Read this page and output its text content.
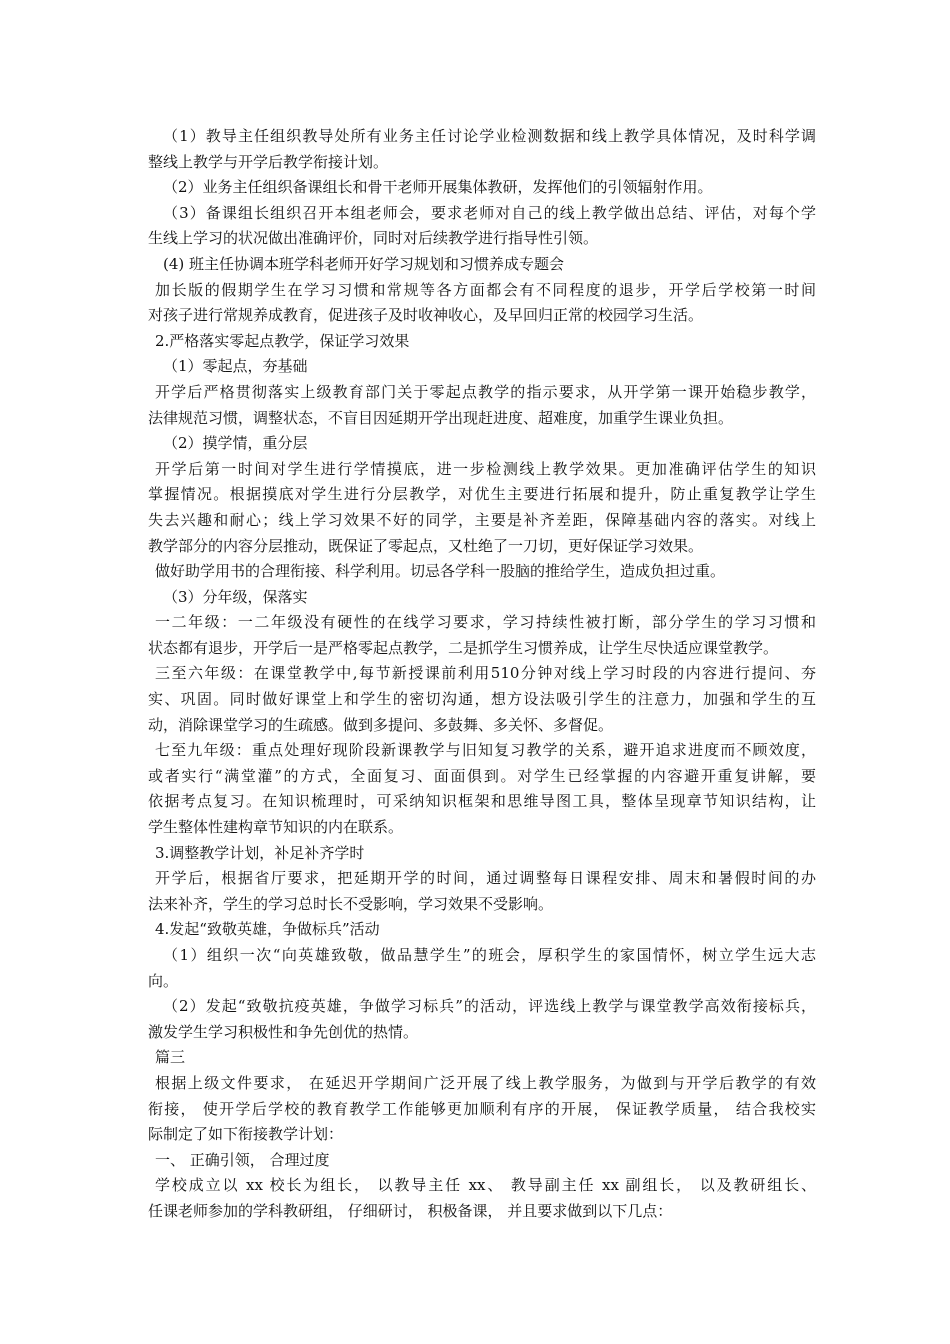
（1）教导主任组织教导处所有业务主任讨论学业检测数据和线上教学具体情况，及时科学调
整线上教学与开学后教学衔接计划。
（2）业务主任组织备课组长和骨干老师开展集体教研，发挥他们的引领辐射作用。
（3）备课组长组织召开本组老师会，要求老师对自己的线上教学做出总结、评估，对每个学
生线上学习的状况做出准确评价，同时对后续教学进行指导性引领。
(4) 班主任协调本班学科老师开好学习规划和习惯养成专题会
加长版的假期学生在学习习惯和常规等各方面都会有不同程度的退步，开学后学校第一时间
对孩子进行常规养成教育，促进孩子及时收神收心，及早回归正常的校园学习生活。
2.严格落实零起点教学，保证学习效果
（1）零起点，夯基础
开学后严格贯彻落实上级教育部门关于零起点教学的指示要求，从开学第一课开始稳步教学，
法律规范习惯，调整状态，不盲目因延期开学出现赶进度、超难度，加重学生课业负担。
（2）摸学情，重分层
开学后第一时间对学生进行学情摸底，进一步检测线上教学效果。更加准确评估学生的知识
掌握情况。根据摸底对学生进行分层教学，对优生主要进行拓展和提升，防止重复教学让学生
失去兴趣和耐心；线上学习效果不好的同学，主要是补齐差距，保障基础内容的落实。对线上
教学部分的内容分层推动，既保证了零起点，又杜绝了一刀切，更好保证学习效果。
做好助学用书的合理衔接、科学利用。切忌各学科一股脑的推给学生，造成负担过重。
（3）分年级，保落实
一二年级：一二年级没有硬性的在线学习要求，学习持续性被打断，部分学生的学习习惯和
状态都有退步，开学后一是严格零起点教学，二是抓学生习惯养成，让学生尽快适应课堂教学。
三至六年级：在课堂教学中,每节新授课前利用510分钟对线上学习时段的内容进行提问、夯
实、巩固。同时做好课堂上和学生的密切沟通，想方设法吸引学生的注意力，加强和学生的互
动，消除课堂学习的生疏感。做到多提问、多鼓舞、多关怀、多督促。
七至九年级：重点处理好现阶段新课教学与旧知复习教学的关系，避开追求进度而不顾效度，
或者实行“满堂灌”的方式，全面复习、面面俱到。对学生已经掌握的内容避开重复讲解，要
依据考点复习。在知识梳理时，可采纳知识框架和思维导图工具，整体呈现章节知识结构，让
学生整体性建构章节知识的内在联系。
3.调整教学计划，补足补齐学时
开学后，根据省厅要求，把延期开学的时间，通过调整每日课程安排、周末和暑假时间的办
法来补齐，学生的学习总时长不受影响，学习效果不受影响。
4.发起“致敬英雄，争做标兵”活动
（1）组织一次“向英雄致敬，做品慧学生”的班会，厚积学生的家国情怀，树立学生远大志
向。
（2）发起“致敬抗疫英雄，争做学习标兵”的活动，评选线上教学与课堂教学高效衔接标兵，
激发学生学习积极性和争先创优的热情。
篇三
根据上级文件要求， 在延迟开学期间广泛开展了线上教学服务，为做到与开学后教学的有效
衔接， 使开学后学校的教育教学工作能够更加顺利有序的开展， 保证教学质量， 结合我校实
际制定了如下衔接教学计划：
一、 正确引领， 合理过度
学校成立以 xx 校长为组长， 以教导主任 xx、 教导副主任 xx 副组长， 以及教研组长、
任课老师参加的学科教研组， 仔细研讨， 积极备课， 并且要求做到以下几点：
